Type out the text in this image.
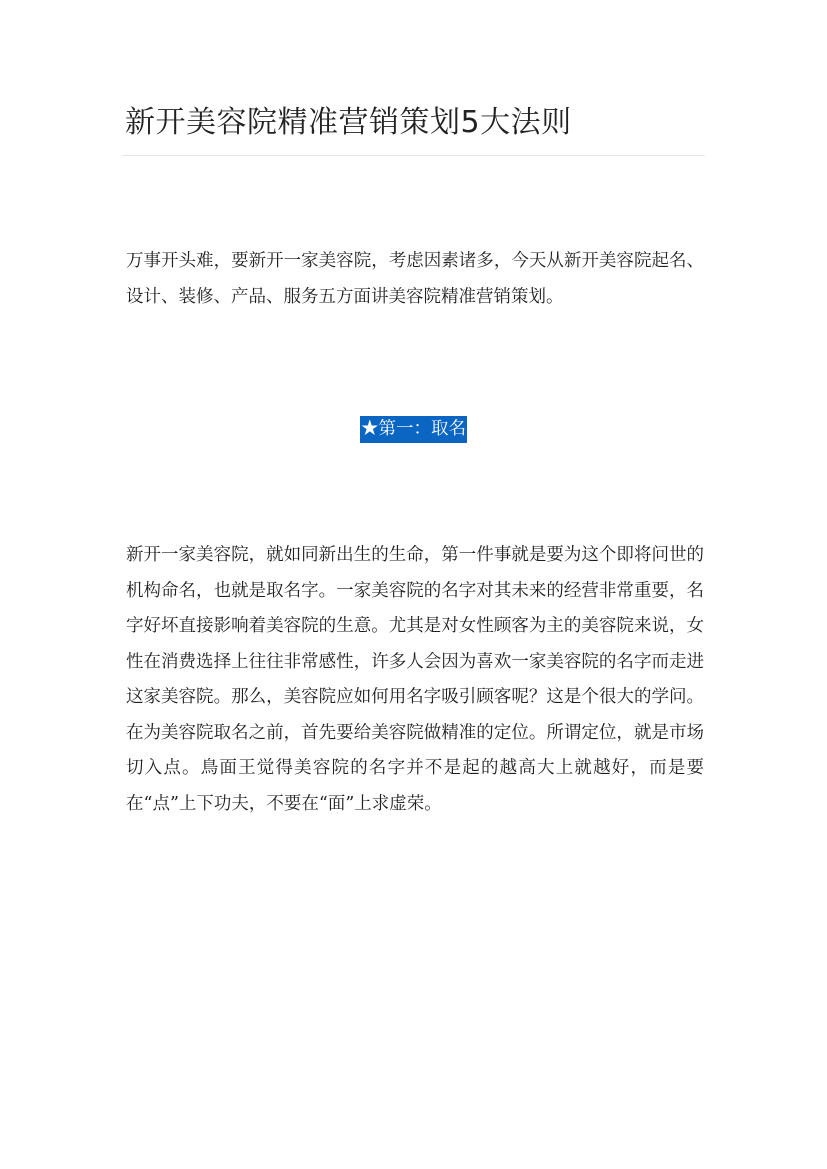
新开美容院精准营销策划5大法则

万事开头难，要新开一家美容院，考虑因素诸多，今天从新开美容院起名、设计、装修、产品、服务五方面讲美容院精准营销策划。

★第一：取名

新开一家美容院，就如同新出生的生命，第一件事就是要为这个即将问世的机构命名，也就是取名字。一家美容院的名字对其未来的经营非常重要，名字好坏直接影响着美容院的生意。尤其是对女性顾客为主的美容院来说，女性在消费选择上往往非常感性，许多人会因为喜欢一家美容院的名字而走进这家美容院。那么，美容院应如何用名字吸引顾客呢？这是个很大的学问。在为美容院取名之前，首先要给美容院做精准的定位。所谓定位，就是市场切入点。鳥面王觉得美容院的名字并不是起的越高大上就越好，而是要在“点”上下功夫，不要在“面”上求虚荣。
